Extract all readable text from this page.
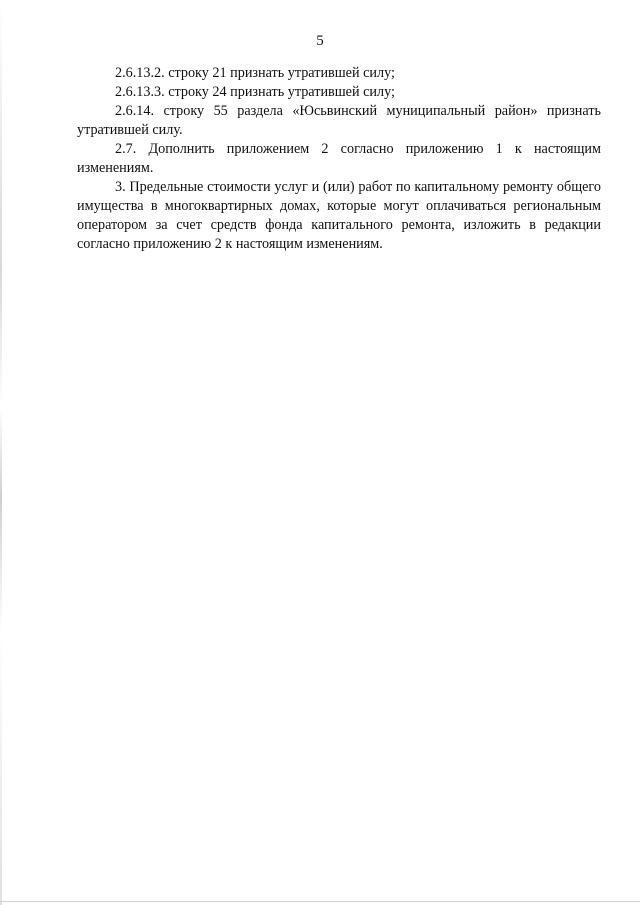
5

2.6.13.2. строку 21 признать утратившей силу;

2.6.13.3. строку 24 признать утратившей силу;

2.6.14. строку 55 раздела «Юсьвинский муниципальный район» признать утратившей силу.

2.7. Дополнить приложением 2 согласно приложению 1 к настоящим изменениям.

3. Предельные стоимости услуг и (или) работ по капитальному ремонту общего имущества в многоквартирных домах, которые могут оплачиваться региональным оператором за счет средств фонда капитального ремонта, изложить в редакции согласно приложению 2 к настоящим изменениям.
